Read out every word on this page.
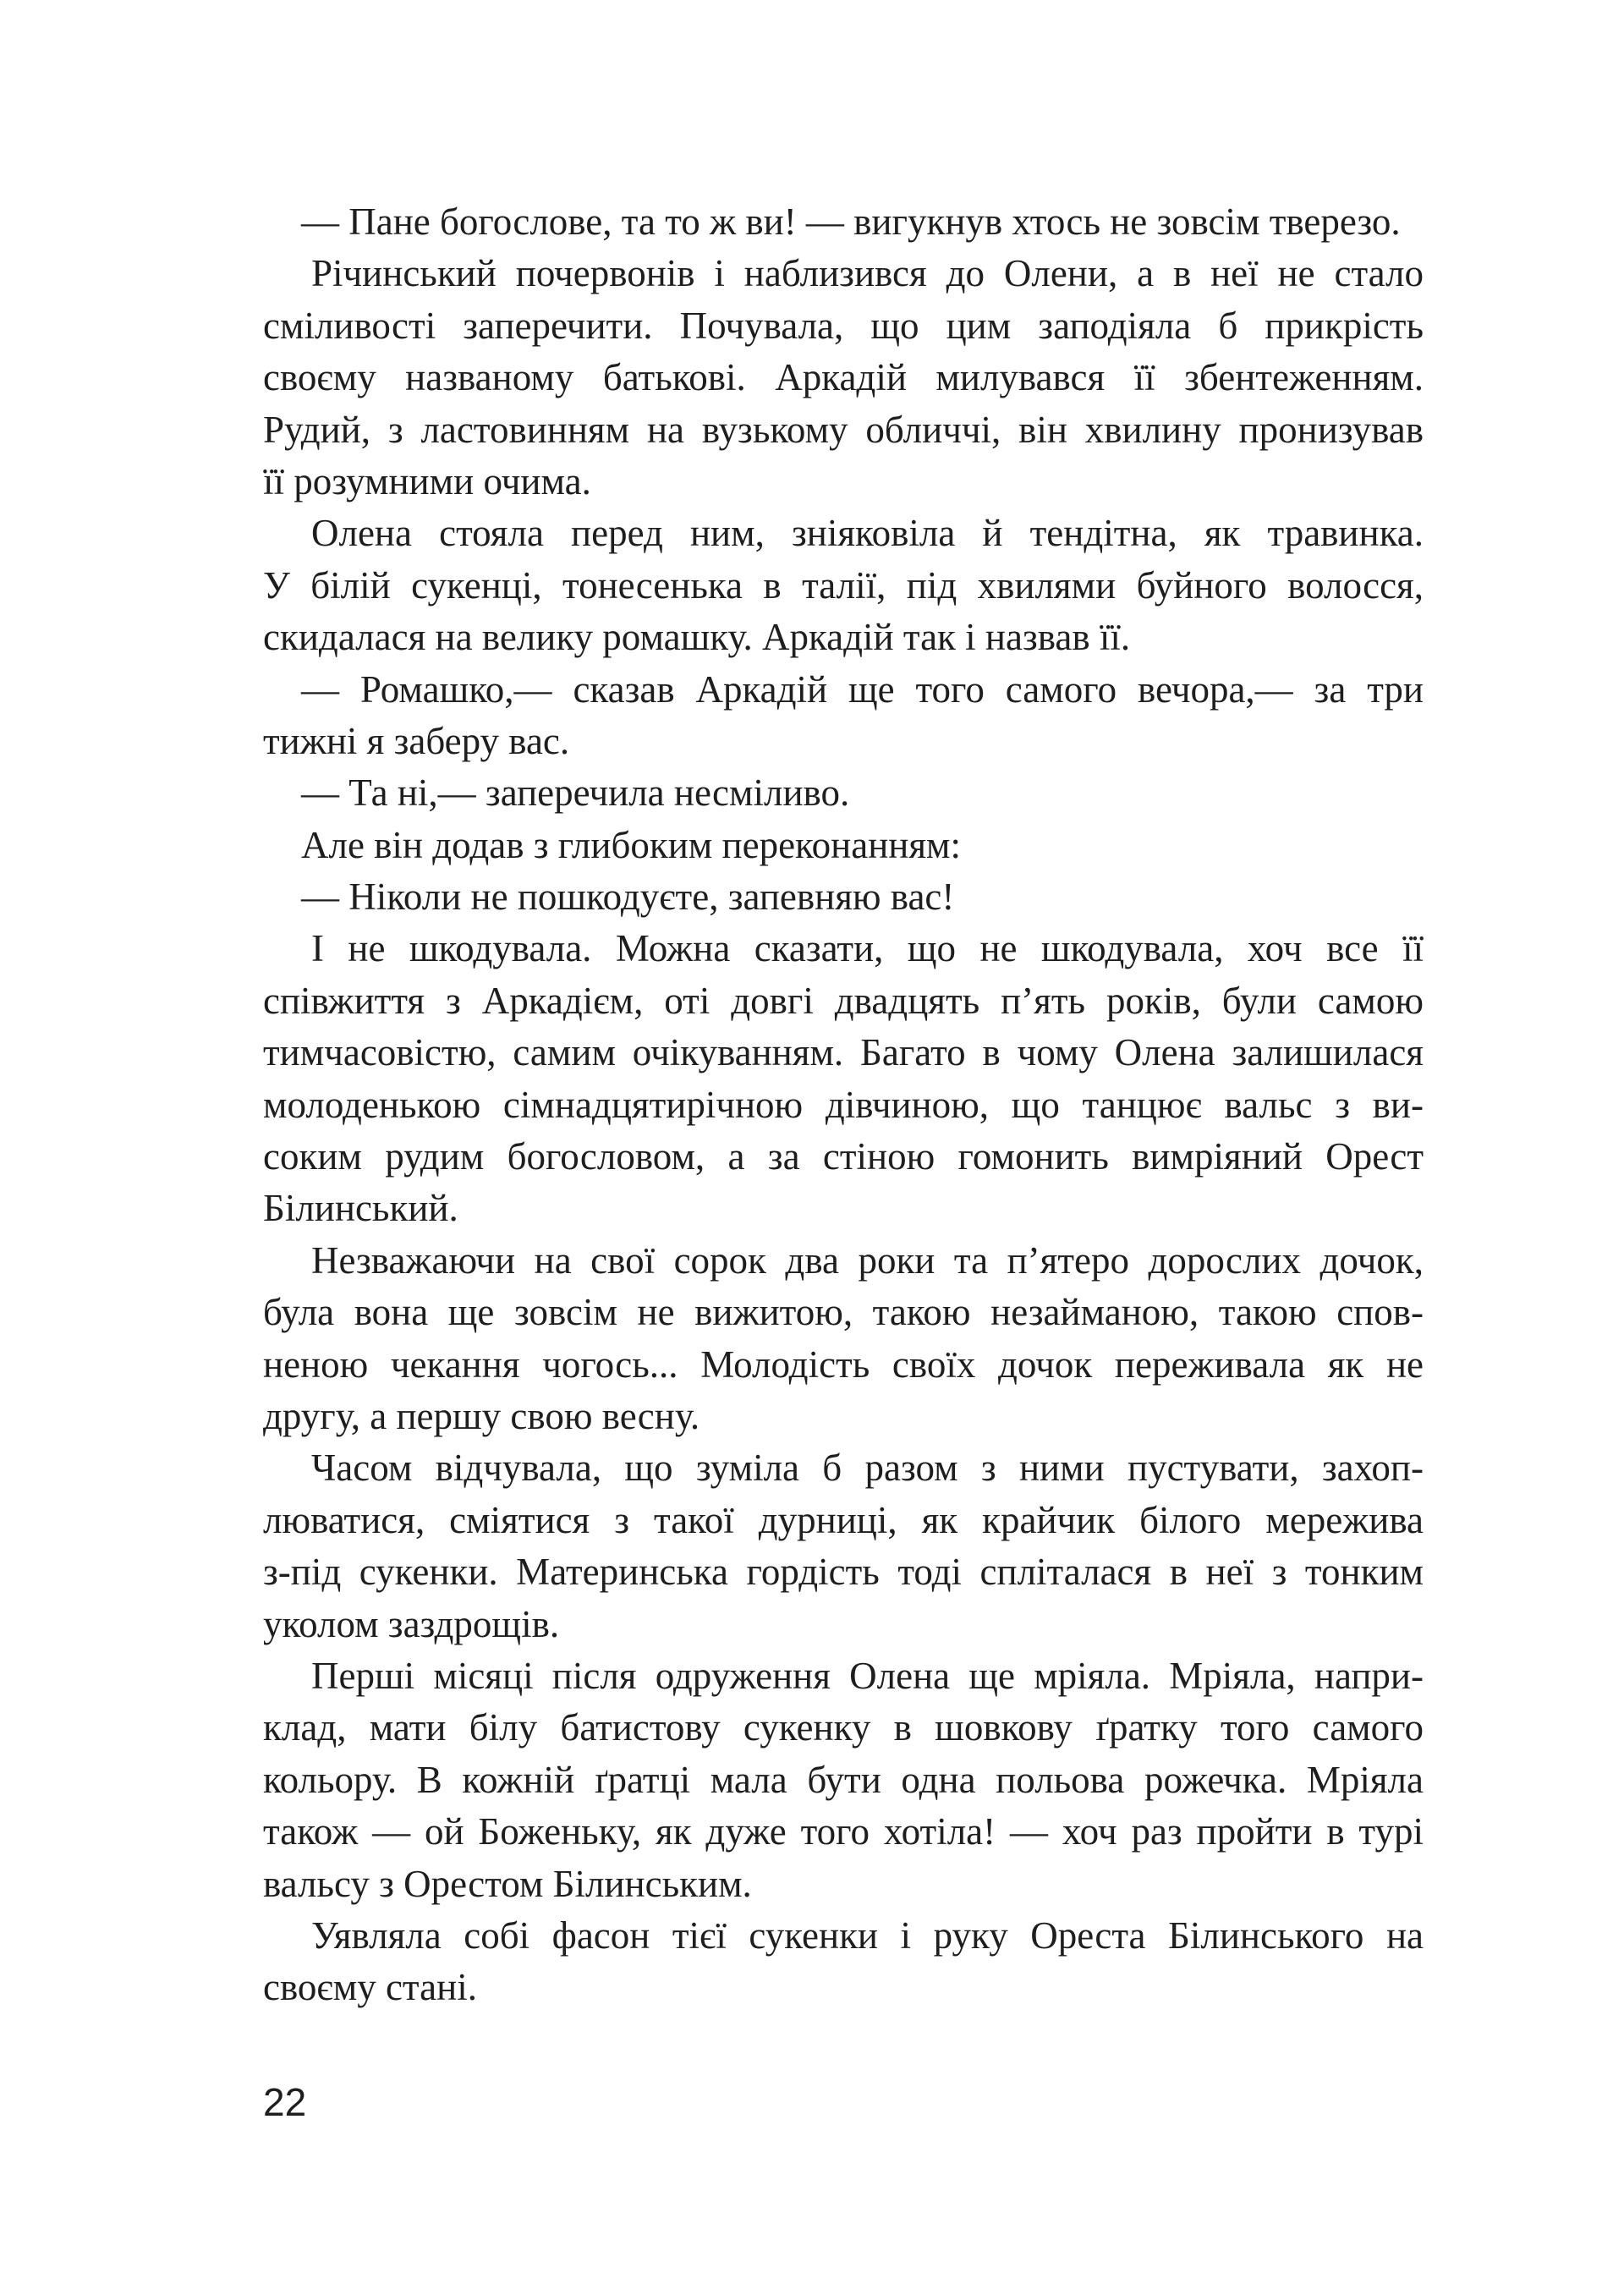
— Пане богослове, та то ж ви! — вигукнув хтось не зовсім тверезо.
Річинський почервонів і наблизився до Олени, а в неї не стало
сміливості заперечити. Почувала, що цим заподіяла б прикрість
своєму названому батькові. Аркадій милувався її збентеженням.
Рудий, з ластовинням на вузькому обличчі, він хвилину пронизував
її розумними очима.
Олена стояла перед ним, зніяковіла й тендітна, як травинка.
У білій сукенці, тонесенька в талії, під хвилями буйного волосся,
скидалася на велику ромашку. Аркадій так і назвав її.
— Ромашко,— сказав Аркадій ще того самого вечора,— за три
тижні я заберу вас.
— Та ні,— заперечила несміливо.
Але він додав з глибоким переконанням:
— Ніколи не пошкодуєте, запевняю вас!
І не шкодувала. Можна сказати, що не шкодувала, хоч все її
співжиття з Аркадієм, оті довгі двадцять п’ять років, були самою
тимчасовістю, самим очікуванням. Багато в чому Олена залишилася
молоденькою сімнадцятирічною дівчиною, що танцює вальс з ви-
соким рудим богословом, а за стіною гомонить вимріяний Орест
Білинський.
Незважаючи на свої сорок два роки та п’ятеро дорослих дочок,
була вона ще зовсім не вижитою, такою незайманою, такою спов-
неною чекання чогось... Молодість своїх дочок переживала як не
другу, а першу свою весну.
Часом відчувала, що зуміла б разом з ними пустувати, захоп-
люватися, сміятися з такої дурниці, як крайчик білого мережива
з-під сукенки. Материнська гордість тоді спліталася в неї з тонким
уколом заздрощів.
Перші місяці після одруження Олена ще мріяла. Мріяла, напри-
клад, мати білу батистову сукенку в шовкову ґратку того самого
кольору. В кожній ґратці мала бути одна польова рожечка. Мріяла
також — ой Боженьку, як дуже того хотіла! — хоч раз пройти в турі
вальсу з Орестом Білинським.
Уявляла собі фасон тієї сукенки і руку Ореста Білинського на
своєму стані.
22
